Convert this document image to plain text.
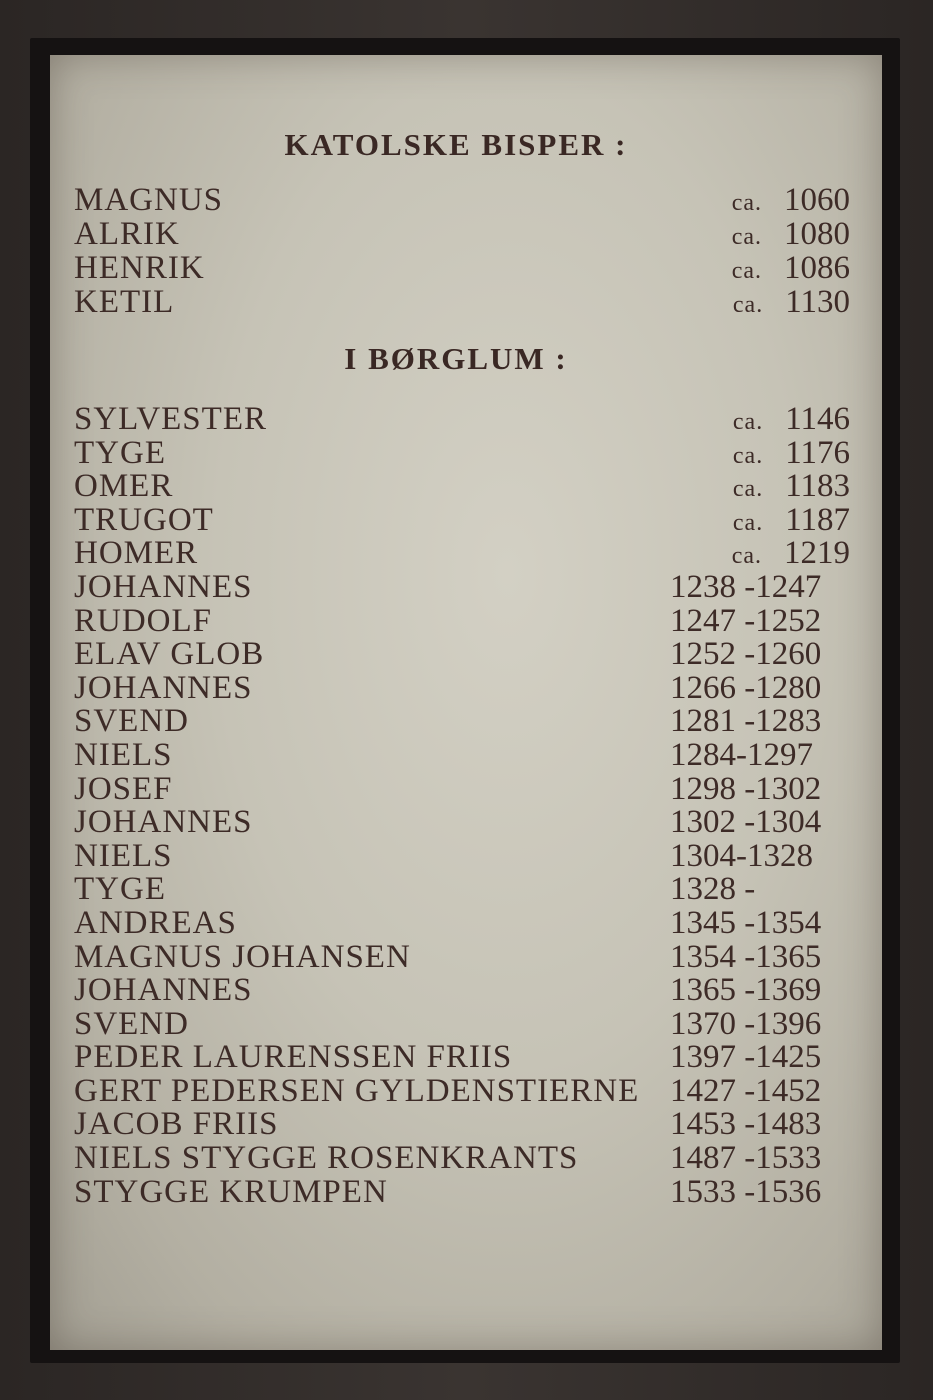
KATOLSKE BISPER :
MAGNUS	ca. 1060
ALRIK	ca. 1080
HENRIK	ca. 1086
KETIL	ca. 1130
I BØRGLUM :
SYLVESTER	ca. 1146
TYGE	ca. 1176
OMER	ca. 1183
TRUGOT	ca. 1187
HOMER	ca. 1219
JOHANNES	1238 -1247
RUDOLF	1247 -1252
ELAV GLOB	1252 -1260
JOHANNES	1266 -1280
SVEND	1281 -1283
NIELS	1284-1297
JOSEF	1298 -1302
JOHANNES	1302 -1304
NIELS	1304-1328
TYGE	1328 -
ANDREAS	1345 -1354
MAGNUS JOHANSEN	1354 -1365
JOHANNES	1365 -1369
SVEND	1370 -1396
PEDER LAURENSSEN FRIIS	1397 -1425
GERT PEDERSEN GYLDENSTIERNE 1427 -1452
JACOB FRIIS	1453 -1483
NIELS STYGGE ROSENKRANTS	1487 -1533
STYGGE KRUMPEN	1533 -1536
